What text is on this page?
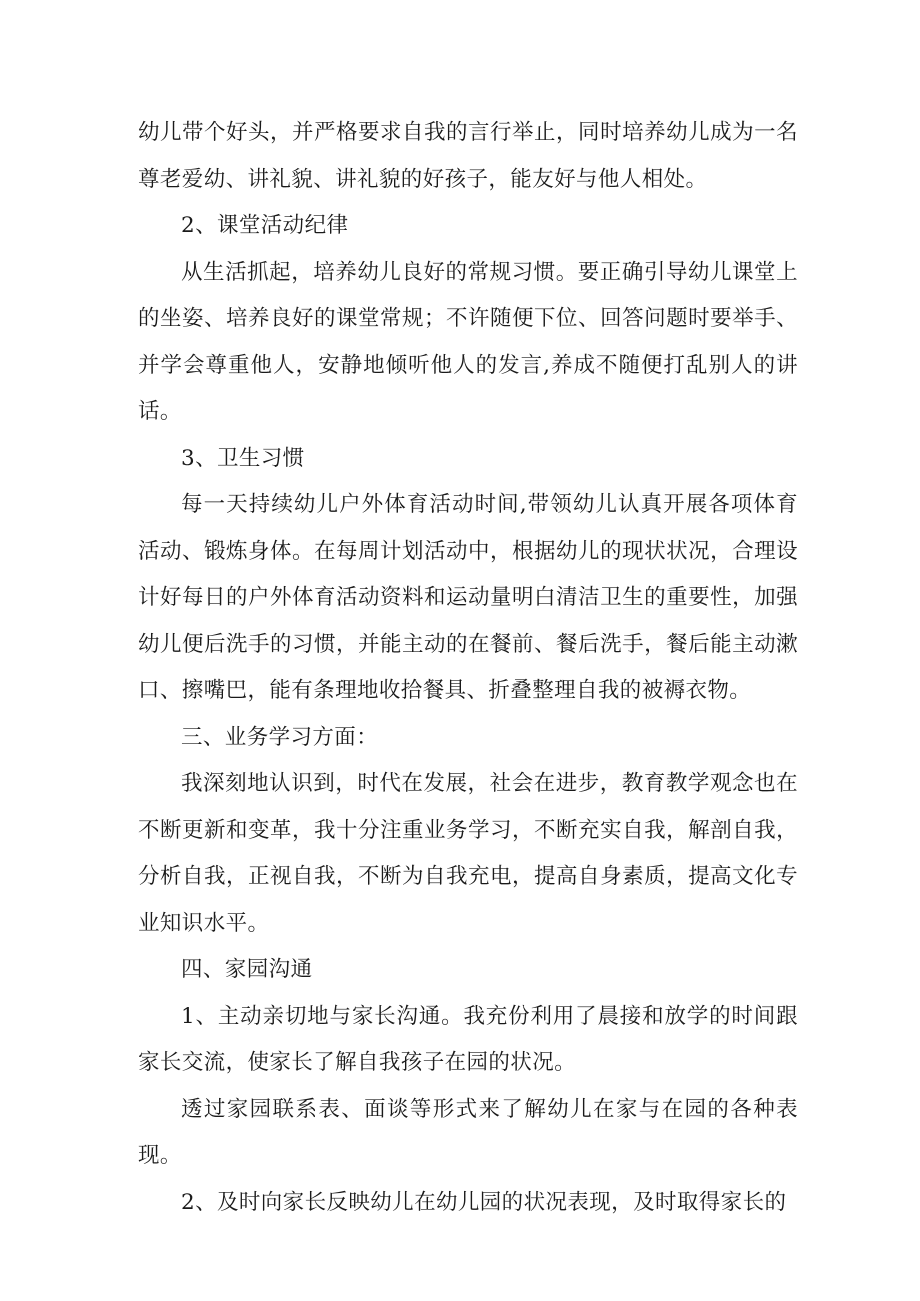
幼儿带个好头，并严格要求自我的言行举止，同时培养幼儿成为一名尊老爱幼、讲礼貌、讲礼貌的好孩子，能友好与他人相处。

2、课堂活动纪律

从生活抓起，培养幼儿良好的常规习惯。要正确引导幼儿课堂上的坐姿、培养良好的课堂常规；不许随便下位、回答问题时要举手、并学会尊重他人，安静地倾听他人的发言,养成不随便打乱别人的讲话。

3、卫生习惯

每一天持续幼儿户外体育活动时间,带领幼儿认真开展各项体育活动、锻炼身体。在每周计划活动中，根据幼儿的现状状况，合理设计好每日的户外体育活动资料和运动量明白清洁卫生的重要性，加强幼儿便后洗手的习惯，并能主动的在餐前、餐后洗手，餐后能主动漱口、擦嘴巴，能有条理地收拾餐具、折叠整理自我的被褥衣物。

三、业务学习方面：

我深刻地认识到，时代在发展，社会在进步，教育教学观念也在不断更新和变革，我十分注重业务学习，不断充实自我，解剖自我，分析自我，正视自我，不断为自我充电，提高自身素质，提高文化专业知识水平。

四、家园沟通

1、主动亲切地与家长沟通。我充份利用了晨接和放学的时间跟家长交流，使家长了解自我孩子在园的状况。

透过家园联系表、面谈等形式来了解幼儿在家与在园的各种表现。

2、及时向家长反映幼儿在幼儿园的状况表现，及时取得家长的
